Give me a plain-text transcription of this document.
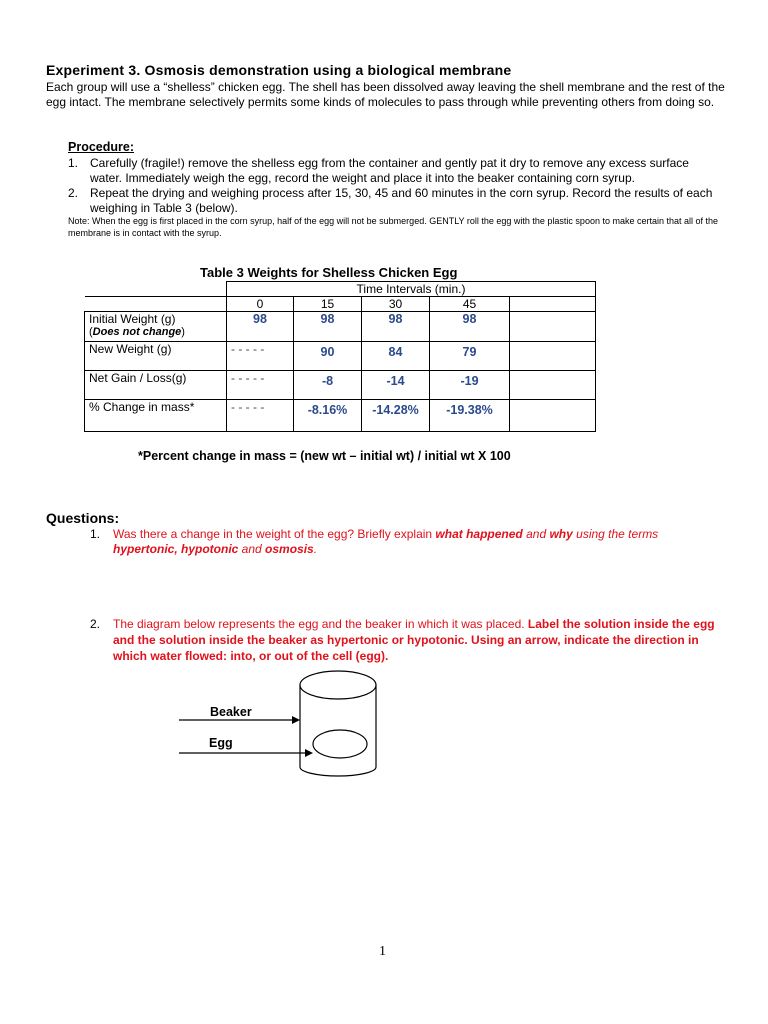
Experiment 3. Osmosis demonstration using a biological membrane
Each group will use a “shelless” chicken egg. The shell has been dissolved away leaving the shell membrane and the rest of the egg intact. The membrane selectively permits some kinds of molecules to pass through while preventing others from doing so.
Procedure:
1. Carefully (fragile!) remove the shelless egg from the container and gently pat it dry to remove any excess surface water. Immediately weigh the egg, record the weight and place it into the beaker containing corn syrup.
2. Repeat the drying and weighing process after 15, 30, 45 and 60 minutes in the corn syrup. Record the results of each weighing in Table 3 (below).
Note: When the egg is first placed in the corn syrup, half of the egg will not be submerged. GENTLY roll the egg with the plastic spoon to make certain that all of the membrane is in contact with the syrup.
Table 3 Weights for Shelless Chicken Egg
	Time Intervals (min.)				
	0	15	30	45	

Initial Weight (g)
(Does not change)	98	98	98	98	
New Weight (g)	- - - - -	90	84	79	
Net Gain / Loss(g)	- - - - -	-8	-14	-19	
% Change in mass*	- - - - -	-8.16%	-14.28%	-19.38%	
*Percent change in mass = (new wt – initial wt) / initial wt X 100
Questions:
1.	Was there a change in the weight of the egg? Briefly explain what happened and why using the terms hypertonic, hypotonic and osmosis.
2.	The diagram below represents the egg and the beaker in which it was placed. Label the solution inside the egg and the solution inside the beaker as hypertonic or hypotonic. Using an arrow, indicate the direction in which water flowed: into, or out of the cell (egg).
Beaker
Egg
1
